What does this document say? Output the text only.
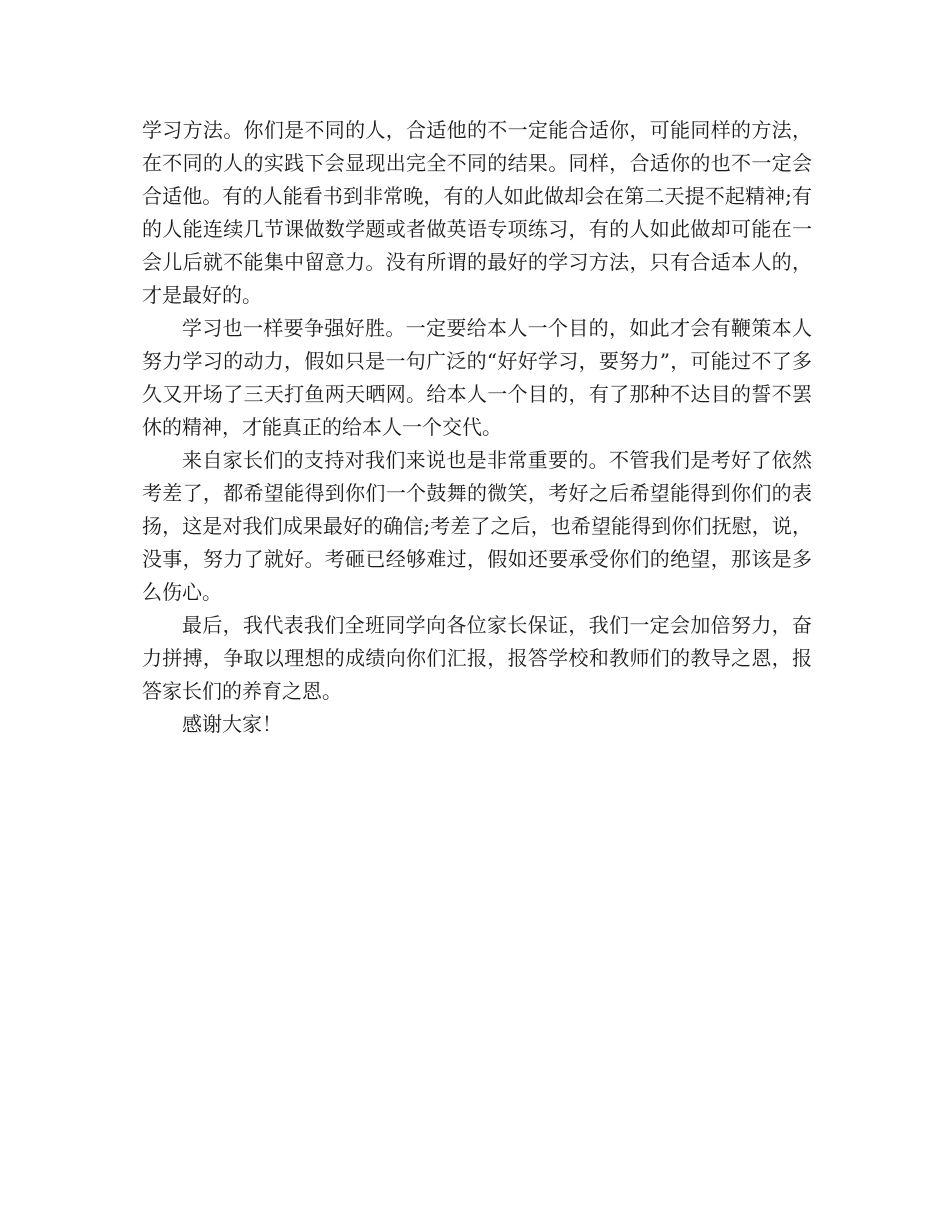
学习方法。你们是不同的人，合适他的不一定能合适你，可能同样的方法，在不同的人的实践下会显现出完全不同的结果。同样，合适你的也不一定会合适他。有的人能看书到非常晚，有的人如此做却会在第二天提不起精神;有的人能连续几节课做数学题或者做英语专项练习，有的人如此做却可能在一会儿后就不能集中留意力。没有所谓的最好的学习方法，只有合适本人的，才是最好的。

学习也一样要争强好胜。一定要给本人一个目的，如此才会有鞭策本人努力学习的动力，假如只是一句广泛的“好好学习，要努力”，可能过不了多久又开场了三天打鱼两天晒网。给本人一个目的，有了那种不达目的誓不罢休的精神，才能真正的给本人一个交代。

来自家长们的支持对我们来说也是非常重要的。不管我们是考好了依然考差了，都希望能得到你们一个鼓舞的微笑，考好之后希望能得到你们的表扬，这是对我们成果最好的确信;考差了之后，也希望能得到你们抚慰，说，没事，努力了就好。考砸已经够难过，假如还要承受你们的绝望，那该是多么伤心。

最后，我代表我们全班同学向各位家长保证，我们一定会加倍努力，奋力拼搏，争取以理想的成绩向你们汇报，报答学校和教师们的教导之恩，报答家长们的养育之恩。

感谢大家！
